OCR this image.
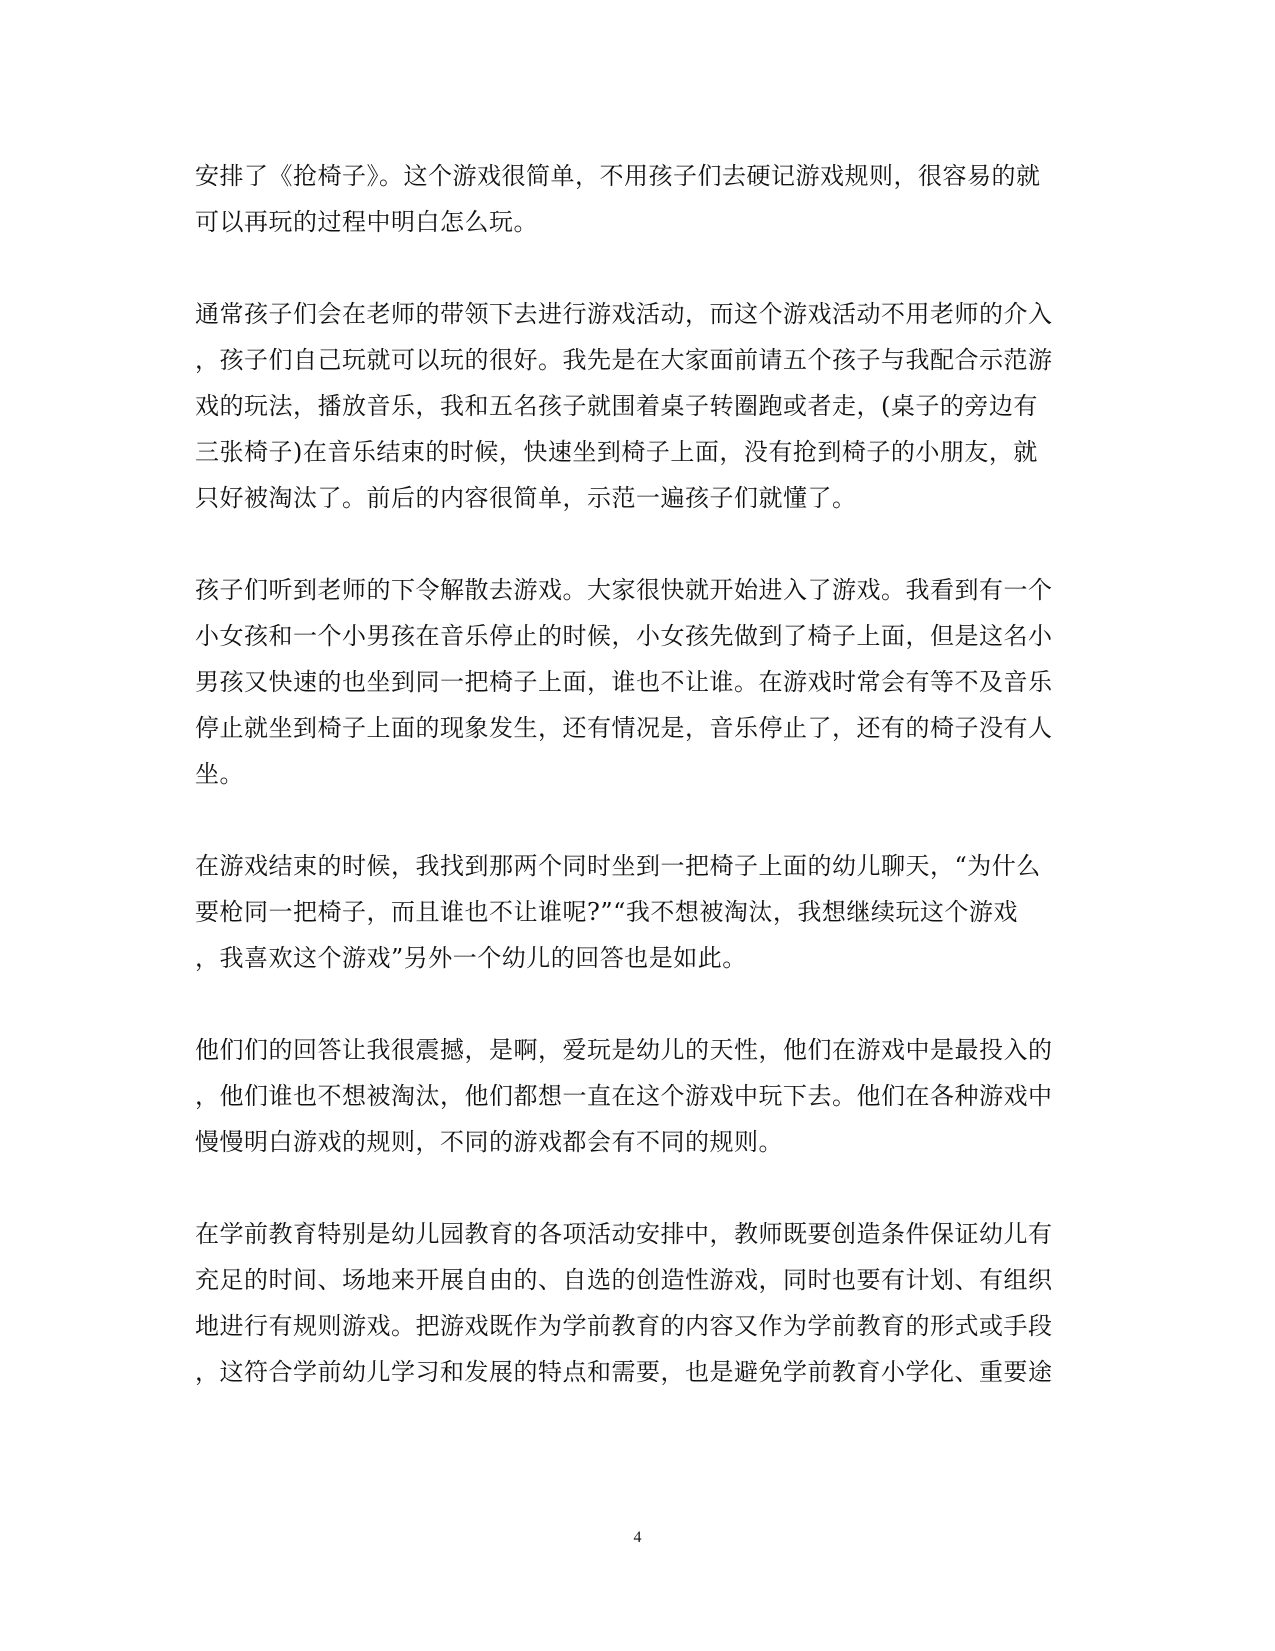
安排了《抢椅子》。这个游戏很简单，不用孩子们去硬记游戏规则，很容易的就
可以再玩的过程中明白怎么玩。
通常孩子们会在老师的带领下去进行游戏活动，而这个游戏活动不用老师的介入
，孩子们自己玩就可以玩的很好。我先是在大家面前请五个孩子与我配合示范游
戏的玩法，播放音乐，我和五名孩子就围着桌子转圈跑或者走，(桌子的旁边有
三张椅子)在音乐结束的时候，快速坐到椅子上面，没有抢到椅子的小朋友，就
只好被淘汰了。前后的内容很简单，示范一遍孩子们就懂了。
孩子们听到老师的下令解散去游戏。大家很快就开始进入了游戏。我看到有一个
小女孩和一个小男孩在音乐停止的时候，小女孩先做到了椅子上面，但是这名小
男孩又快速的也坐到同一把椅子上面，谁也不让谁。在游戏时常会有等不及音乐
停止就坐到椅子上面的现象发生，还有情况是，音乐停止了，还有的椅子没有人
坐。
在游戏结束的时候，我找到那两个同时坐到一把椅子上面的幼儿聊天，“为什么
要枪同一把椅子，而且谁也不让谁呢?”“我不想被淘汰，我想继续玩这个游戏
，我喜欢这个游戏”另外一个幼儿的回答也是如此。
他们们的回答让我很震撼，是啊，爱玩是幼儿的天性，他们在游戏中是最投入的
，他们谁也不想被淘汰，他们都想一直在这个游戏中玩下去。他们在各种游戏中
慢慢明白游戏的规则，不同的游戏都会有不同的规则。
在学前教育特别是幼儿园教育的各项活动安排中，教师既要创造条件保证幼儿有
充足的时间、场地来开展自由的、自选的创造性游戏，同时也要有计划、有组织
地进行有规则游戏。把游戏既作为学前教育的内容又作为学前教育的形式或手段
，这符合学前幼儿学习和发展的特点和需要，也是避免学前教育小学化、重要途
4
